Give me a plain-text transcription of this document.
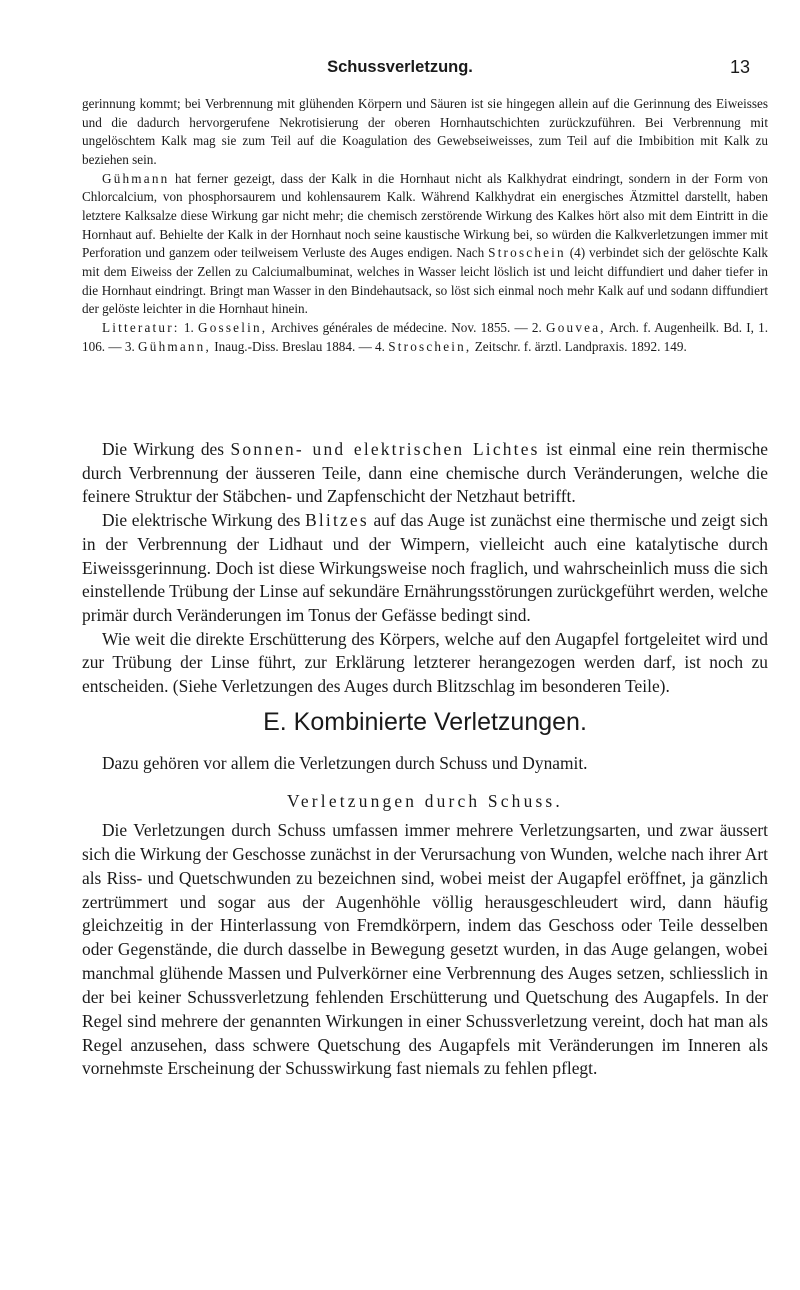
Schussverletzung.	13

gerinnung kommt; bei Verbrennung mit glühenden Körpern und Säuren ist sie hingegen allein auf die Gerinnung des Eiweisses und die dadurch hervorgerufene Nekrotisierung der oberen Hornhautschichten zurückzuführen. Bei Verbrennung mit ungelöschtem Kalk mag sie zum Teil auf die Koagulation des Gewebseiweisses, zum Teil auf die Imbibition mit Kalk zu beziehen sein.

Gühmann hat ferner gezeigt, dass der Kalk in die Hornhaut nicht als Kalkhydrat eindringt, sondern in der Form von Chlorcalcium, von phosphorsaurem und kohlensaurem Kalk. Während Kalkhydrat ein energisches Ätzmittel darstellt, haben letztere Kalksalze diese Wirkung gar nicht mehr; die chemisch zerstörende Wirkung des Kalkes hört also mit dem Eintritt in die Hornhaut auf. Behielte der Kalk in der Hornhaut noch seine kaustische Wirkung bei, so würden die Kalkverletzungen immer mit Perforation und ganzem oder teilweisem Verluste des Auges endigen. Nach Stroschein (4) verbindet sich der gelöschte Kalk mit dem Eiweiss der Zellen zu Calciumalbuminat, welches in Wasser leicht löslich ist und leicht diffundiert und daher tiefer in die Hornhaut eindringt. Bringt man Wasser in den Bindehautsack, so löst sich einmal noch mehr Kalk auf und sodann diffundiert der gelöste leichter in die Hornhaut hinein.

Litteratur: 1. Gosselin, Archives générales de médecine. Nov. 1855. — 2. Gouvea, Arch. f. Augenheilk. Bd. I, 1. 106. — 3. Gühmann, Inaug.-Diss. Breslau 1884. — 4. Stroschein, Zeitschr. f. ärztl. Landpraxis. 1892. 149.

Die Wirkung des Sonnen- und elektrischen Lichtes ist einmal eine rein thermische durch Verbrennung der äusseren Teile, dann eine chemische durch Veränderungen, welche die feinere Struktur der Stäbchen- und Zapfenschicht der Netzhaut betrifft.

Die elektrische Wirkung des Blitzes auf das Auge ist zunächst eine thermische und zeigt sich in der Verbrennung der Lidhaut und der Wimpern, vielleicht auch eine katalytische durch Eiweissgerinnung. Doch ist diese Wirkungsweise noch fraglich, und wahrscheinlich muss die sich einstellende Trübung der Linse auf sekundäre Ernährungsstörungen zurückgeführt werden, welche primär durch Veränderungen im Tonus der Gefässe bedingt sind.

Wie weit die direkte Erschütterung des Körpers, welche auf den Augapfel fortgeleitet wird und zur Trübung der Linse führt, zur Erklärung letzterer herangezogen werden darf, ist noch zu entscheiden. (Siehe Verletzungen des Auges durch Blitzschlag im besonderen Teile).

E. Kombinierte Verletzungen.
Dazu gehören vor allem die Verletzungen durch Schuss und Dynamit.
Verletzungen durch Schuss.

Die Verletzungen durch Schuss umfassen immer mehrere Verletzungsarten, und zwar äussert sich die Wirkung der Geschosse zunächst in der Verursachung von Wunden, welche nach ihrer Art als Riss- und Quetschwunden zu bezeichnen sind, wobei meist der Augapfel eröffnet, ja gänzlich zertrümmert und sogar aus der Augenhöhle völlig herausgeschleudert wird, dann häufig gleichzeitig in der Hinterlassung von Fremdkörpern, indem das Geschoss oder Teile desselben oder Gegenstände, die durch dasselbe in Bewegung gesetzt wurden, in das Auge gelangen, wobei manchmal glühende Massen und Pulverkörner eine Verbrennung des Auges setzen, schliesslich in der bei keiner Schussverletzung fehlenden Erschütterung und Quetschung des Augapfels. In der Regel sind mehrere der genannten Wirkungen in einer Schussverletzung vereint, doch hat man als Regel anzusehen, dass schwere Quetschung des Augapfels mit Veränderungen im Inneren als vornehmste Erscheinung der Schusswirkung fast niemals zu fehlen pflegt.
